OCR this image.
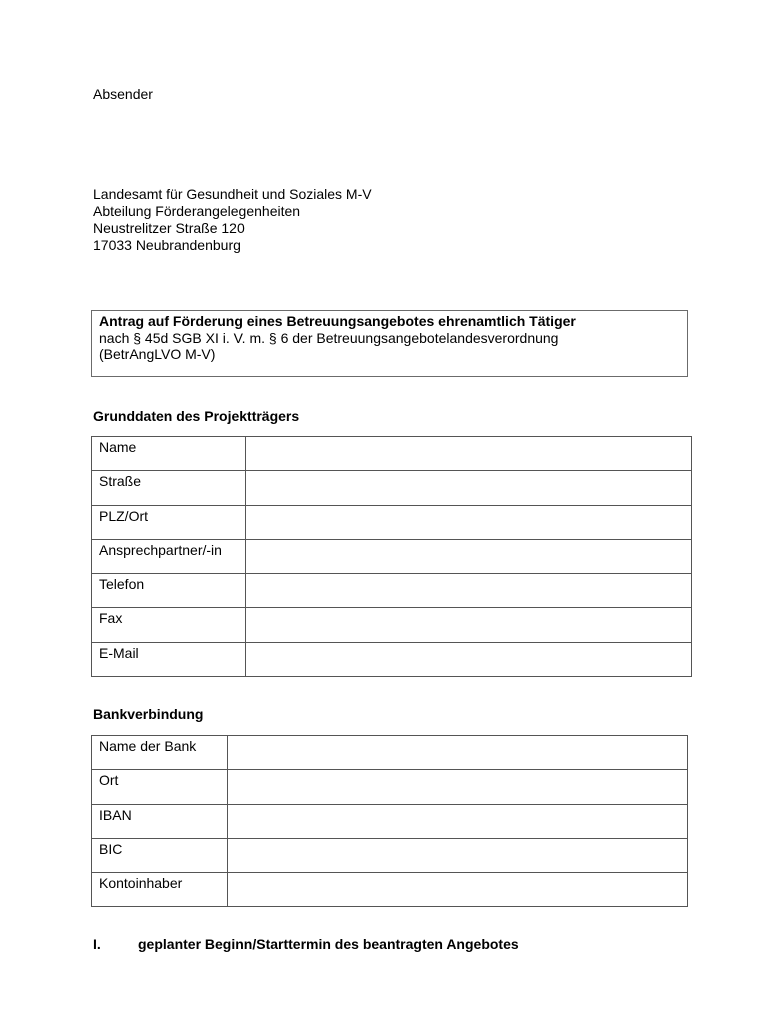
Absender
Landesamt für Gesundheit und Soziales M-V
Abteilung Förderangelegenheiten
Neustrelitzer Straße 120
17033 Neubrandenburg
Antrag auf Förderung eines Betreuungsangebotes ehrenamtlich Tätiger
nach § 45d SGB XI i. V. m. § 6 der Betreuungsangebotelandesverordnung
(BetrAngLVO M-V)
Grunddaten des Projektträgers
Name	
Straße	
PLZ/Ort	
Ansprechpartner/-in	
Telefon	
Fax	
E-Mail	
Bankverbindung
Name der Bank	
Ort	
IBAN	
BIC	
Kontoinhaber	
I.	geplanter Beginn/Starttermin des beantragten Angebotes
